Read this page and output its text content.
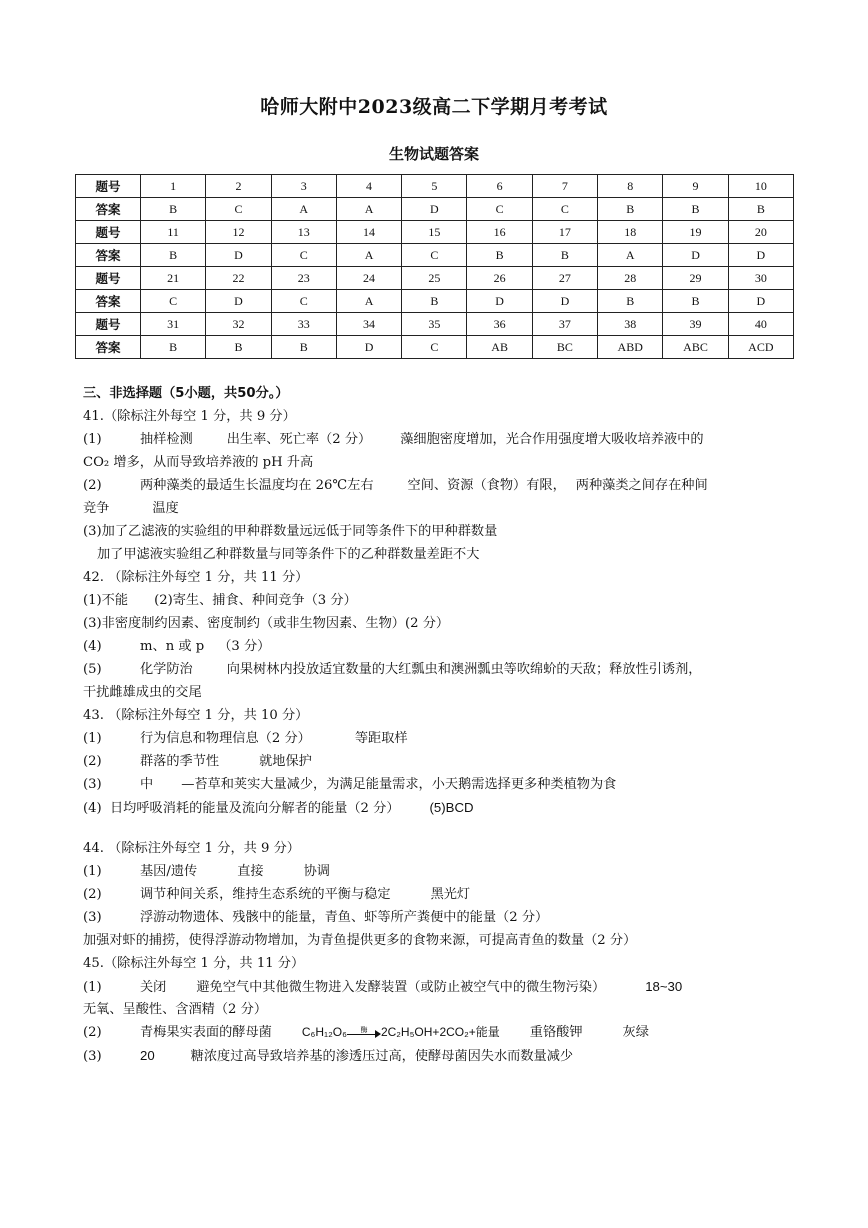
哈师大附中2023级高二下学期月考考试
生物试题答案
题号	1	2	3	4	5	6	7	8	9	10
答案	B	C	A	A	D	C	C	B	B	B
题号	11	12	13	14	15	16	17	18	19	20
答案	B	D	C	A	C	B	B	A	D	D
题号	21	22	23	24	25	26	27	28	29	30
答案	C	D	C	A	B	D	D	B	B	D
题号	31	32	33	34	35	36	37	38	39	40
答案	B	B	B	D	C	AB	BC	ABD	ABC	ACD
三、非选择题（5小题，共50分。）
41.（除标注外每空 1 分，共 9 分）
(1)	抽样检测	出生率、死亡率（2 分） 藻细胞密度增加，光合作用强度增大吸收培养液中的
CO₂ 增多，从而导致培养液的 pH 升高
(2)	两种藻类的最适生长温度均在 26℃左右	空间、资源（食物）有限， 两种藻类之间存在种间
竞争	温度
(3)加了乙滤液的实验组的甲种群数量远远低于同等条件下的甲种群数量
加了甲滤液实验组乙种群数量与同等条件下的乙种群数量差距不大
42. （除标注外每空 1 分，共 11 分）
(1)不能 (2)寄生、捕食、种间竞争（3 分）
(3)非密度制约因素、密度制约（或非生物因素、生物）(2 分）
(4)	m、n 或 p （3 分）
(5)	化学防治	向果树林内投放适宜数量的大红瓢虫和澳洲瓢虫等吹绵蚧的天敌；释放性引诱剂，
干扰雌雄成虫的交尾
43. （除标注外每空 1 分，共 10 分）
(1)	行为信息和物理信息（2 分）	等距取样
(2)	群落的季节性	就地保护
(3)	中 —苔草和荚实大量减少，为满足能量需求，小天鹅需选择更多种类植物为食
(4) 日均呼吸消耗的能量及流向分解者的能量（2 分） (5)BCD
44. （除标注外每空 1 分，共 9 分）
(1)	基因/遗传	直接	协调
(2)	调节种间关系，维持生态系统的平衡与稳定	黑光灯
(3)	浮游动物遗体、残骸中的能量，青鱼、虾等所产粪便中的能量（2 分）
加强对虾的捕捞，使得浮游动物增加，为青鱼提供更多的食物来源，可提高青鱼的数量（2 分）
45.（除标注外每空 1 分，共 11 分）
(1)	关闭 避免空气中其他微生物进入发酵装置（或防止被空气中的微生物污染）	18~30
无氧、呈酸性、含酒精（2 分）
(2)	青梅果实表面的酵母菌	C₆H₁₂O₆	酶	2C₂H₅OH+2CO₂+能量 重铬酸钾	灰绿
(3)	20	糖浓度过高导致培养基的渗透压过高，使酵母菌因失水而数量减少
